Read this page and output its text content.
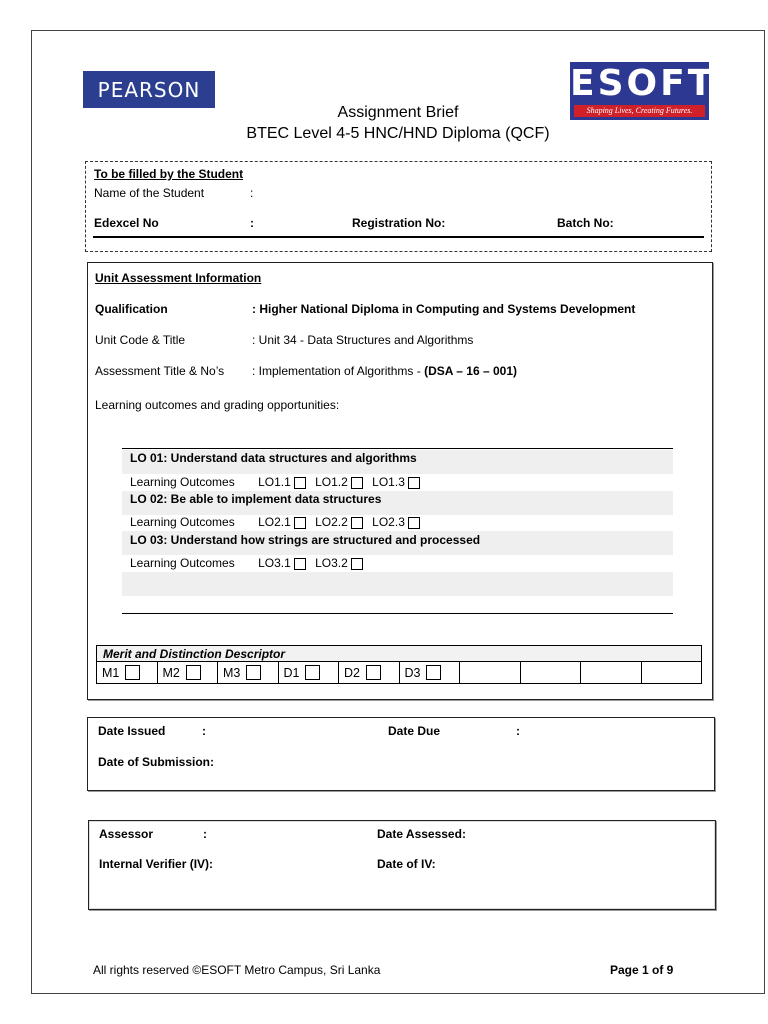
PEARSON	ESOFT
Shaping Lives, Creating Futures.
Assignment Brief
BTEC Level 4-5 HNC/HND Diploma (QCF)
To be filled by the Student
Name of the Student	:
Edexcel No	:	Registration No:	Batch No:
Unit Assessment Information
Qualification	: Higher National Diploma in Computing and Systems Development
Unit Code & Title	: Unit 34 - Data Structures and Algorithms
Assessment Title & No’s : Implementation of Algorithms - (DSA – 16 – 001)
Learning outcomes and grading opportunities:
LO 01: Understand data structures and algorithms
Learning Outcomes LO1.1 LO1.2 LO1.3
LO 02: Be able to implement data structures
Learning Outcomes LO2.1 LO2.2 LO2.3
LO 03: Understand how strings are structured and processed
Learning Outcomes LO3.1 LO3.2
Merit and Distinction Descriptor
M1	M2	M3	D1	D2	D3
Date Issued	:	Date Due	:
Date of Submission:
Assessor	:	Date Assessed:
Internal Verifier (IV):	Date of IV:
All rights reserved ©ESOFT Metro Campus, Sri Lanka	Page 1 of 9
